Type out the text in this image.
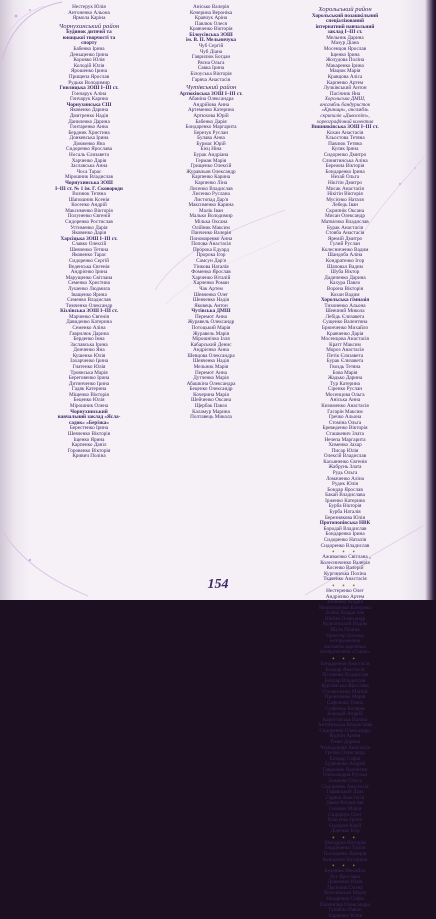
Нестерук Юлія
Антоненко Альона
Ярмола Каріна
Чорнухинський район
Будинок дитячої та
юнацької творчості та
спорту
Бабенко Ірина
Деньщенко Ірина
Коровко Юлія
Колодій Юлія
Ярошенко Ірина
Прищепа Ярослав
Рудько Володимир
Гнилицька ЗОШ I–III ст.
Гончарук Аліна
Гончарук Карина
Чорнухинська СШ
Яковенко Дарина
Дмитренко Надія
Даниленко Дарина
Гонтаренко Анна
Бердник Христина
Донкевська Ірина
Довженко Яна
Сидоренко Ярослава
Носаль Єлизавета
Харченко Дарія
Заславська Анна
Чоса Тарас
Мірошник Владислав
Чорнухинська ЗОШ
I–III ст. № 1 ім. Г. Сковороди
Вознюк Тетяна
Шапошник Ксенія
Косенко Андрій
Максименко Вікторія
Полуненко Євгеній
Сидоренко Ростислав
Устименко Дарія
Яковенко Дарія
Харсіцька ЗОШ I–III ст.
Славко Олексій
Шевченко Тетяна
Яковенко Тарас
Сидоренко Сергій
Веденська Євгенія
Андрієнко Ірина
Марущенко Світлана
Семенко Христина
Лушенко Людмила
Іващенко Ярина
Семенко Владислав
Тимченко Олександр
Кізлівська ЗОШ I–III ст.
Марченко Євгенія
Давиденко Катерина
Семенко Аліна
Гаврилюк Дарина
Берденко Інна
Заславська Ірина
Донченко Яна
Кушенко Юлія
Захарченко Ірина
Гнатенко Юлія
Троянська Марія
Береговенко Ірина
Дитинченко Ірина
Гадяк Катерина
Міщенко Вікторія
Беценко Юлія
Мірошник Олена
Чорнухинський
навчальний заклад «Ясла-
садок» «Берізка»
Берестенко Ірина
Шевченко Вікторія
Іщенко Ярина
Карпенко Даніл
Горовенко Вікторія
Кривич Поліна
Анісько Валерія
Кочерина Вероніка
Кравчук Аріна
Павлюк Олеся
Кравченко Вікторія
Білоусівська ЗОШ
ім. В. П. Мельничука
Чуб Сергій
Чуб Діана
Гаврилюк Богдан
Рясна Ольга
Савка Ірина
Білоуська Вікторія
Гаряча Анастасія
Чутівський район
Артюхівська ЗОШ I–III ст.
Абаніна Олександра
Андрійова Анна
Артеменко Катерина
Артюхова Юрій
Бабенко Дарія
Бондаренко Маргарита
Березук Руслан
Булава Анна
Бурмас Юрій
Бієц Ніна
Бурак Андріана
Герман Марія
Грищенко Олексій
Журавльов Олександр
Карпенко Карина
Карпенко Ліна
Лисенко Владислав
Лисенко Руслана
Листопад Дар'я
Максименко Карина
Малік Іван
Малько Володимир
Мілька Оксана
Олійник Максим
Панченко Валерія
Пономаренко Анна
Попова Анастасія
Пророка Едуард
Пророка Ігор
Самсун Дар'я
Тінкова Наталія
Фоменко Ярослав
Харченко Віталій
Харченко Роман
Чак Артем
Шевченко Олег
Шевченко Надія
Яковець Антон
Чутівська ДМШ
Перемот Анна
Журавель Олександр
Потоцький Марія
Журавель Марія
Мірошнічко Ілля
Кабарський Денис
Андрієнко Анна
Шевцова Олександра
Шевченко Надія
Мельник Марія
Перемот Анна
Дутченко Марія
Абашкіна Олександра
Беценко Олександр
Кочерина Марія
Шейченко Оксана
Щербак Павло
Каламур Марина
Полтавець Микола
Хорольський район
Хорольський позашкільний
спеціалізований
інтернатний навчальний
заклад I–III ст.
Мельник Дарина
Мазур Діана
Мосенцов Ярослав
Іщенко Ірина
Жолудова Поліна
Макаренко Ірина
Мацюк Марія
Кравцова Аліса
Карпенко Артем
Лучківський Антон
Пасічник Яна
Хорольська ДМШ,
ансамбль бандуристок
«Криниця», ансамбль
скрипалів «Дивосвіт»,
хореографічний колектив
Вишняківська ЗОШ I–III ст.
Кохан Анастасія
Хльостова Тетяна
Павлюк Тетяна
Кулик Ірина
Сидоренко Дмитро
Слинятинська Аліна
Бережна Вікторія
Бондаренко Ірина
Нехай Ольга
Нікітін Дмитро
Мисак Анастасія
Нікітін Вікторія
Мусієнко Наталя
Лебедь Іван
Скрипнік Оксана
Мисан Олександр
Матвієнко Владислав
Бурак Анастасія
Стовба Анастасія
Яремій Дмитро
Гулий Руслан
Колесниченко Вадим
Шандоба Аліна
Кондратенко Ігор
Шаповал Вадим
Шуба Віктор
Дадиченко Дарина
Кахура Павло
Ворона Вікторія
Кохан Вадим
Хорольська гімназія
Тихоненко Альона
Шевчний Микола
Лебідь Єлизавета
Сущенко Валентина
Брюнченко Михайло
Кравченко Дарія
Мосенцова Анастасія
Кратт Максим
Мороз Анастасія
Петік Єлизавета
Бурак Єлизавета
Гвоздь Тетяна
Бова Марія
Жадько Дарина
Тур Катерина
Сіренко Руслан
Мосенцова Ольга
Аніська Анна
Кизименко Анастасія
Гагарін Максим
Гречко Альона
Стоміна Ольга
Бреведенко Вікторія
Сташкевич Злата
Нечепа Маргарита
Хименко Захар
Писар Юлія
Олексій Владислав
Касьяненко Євгенія
Жабрунь Злата
Рудь Ольга
Ломаченко Аліна
Рудик Юлія
Бондар Ярослав
Бакай Владислава
Ірженко Катерина
Бурба Вікторія
Бурба Наталія
Березнякова Юлія
Протопопівська НВК
Бородай Владислав
Бондаренко Ірина
Сидоренко Наталія
Сидоренко Владислав
• • •
Аживаєнко Світлана
Колесниченко Валерія
Косенко Валерій
Кургинська Поліна
Ткаченко Анастасія
• • •
Нестеренко Олег
Андрієнко Артем
Зінченко Андрій
Ничипоренко Катерина
Бойко Владислав
Шабан Олександр
Кургинський Вадим
Шуть Поліна
Оркестр духових
інструментів
ансамбль народних
інструментів «Ганна»
• • •
Бондаренко Анастасія
Бондар Анастасія
Лісовенко Владислав
Бондар Владислав
Кургинська Ярослава
Стелянченко Матвій
Проніченко Марія
Сафонова Уляна
Софіенко Валерія
Бородай Андрій
Коростиська Поліна
Антонівська Владислава
Сидоренко Олександра
Курган Артем
Тімко Дарина
Чемодурова Анастасія
Гречко Олександр
Бондар Софія
Буряченко Андрій
Гаврилюк Валентин
Олександрів Руслан
Лещенко Ольга
Сидоренко Анастасія
Гаравський Діма
Гаряча Анастасія
Дяюн Владислав
Головко Марія
Сидорчук Олег
Власенко Ірина
Сидоров Юрій
Доренко Ігор
• • •
Мандріна Вікторія
Бердиченко Таїсія
Поліщенко Валерія
Коніценко Катерина
• • •
Буденюк Михайло
Бут Ярослава
Довженко Юлія
Пасічник Олена
Котелевська Марія
Назаренко Софія
Пшеничка Олександра
Тупайло Павло
Харченко Юлія
154
